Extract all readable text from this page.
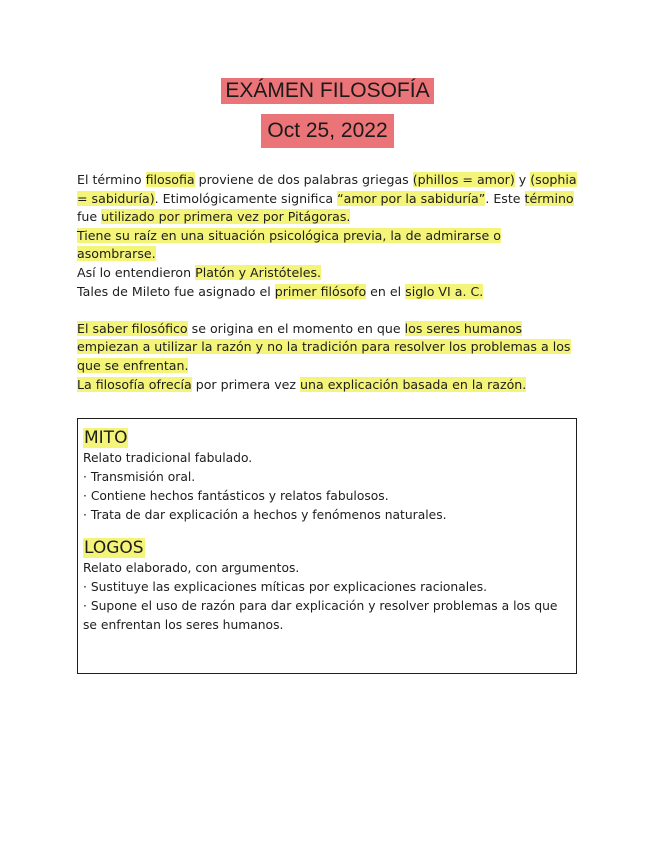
EXÁMEN FILOSOFÍA
Oct 25, 2022

El término filosofia proviene de dos palabras griegas (phillos = amor) y (sophia = sabiduría). Etimológicamente significa “amor por la sabiduría”. Este término fue utilizado por primera vez por Pitágoras.

Tiene su raíz en una situación psicológica previa, la de admirarse o asombrarse.

Así lo entendieron Platón y Aristóteles.

Tales de Mileto fue asignado el primer filósofo en el siglo VI a. C.

El saber filosófico se origina en el momento en que los seres humanos empiezan a utilizar la razón y no la tradición para resolver los problemas a los que se enfrentan.

La filosofía ofrecía por primera vez una explicación basada en la razón.

MITO

Relato tradicional fabulado.

· Transmisión oral.

· Contiene hechos fantásticos y relatos fabulosos.

· Trata de dar explicación a hechos y fenómenos naturales.

LOGOS

Relato elaborado, con argumentos.

· Sustituye las explicaciones míticas por explicaciones racionales.

· Supone el uso de razón para dar explicación y resolver problemas a los que se enfrentan los seres humanos.
